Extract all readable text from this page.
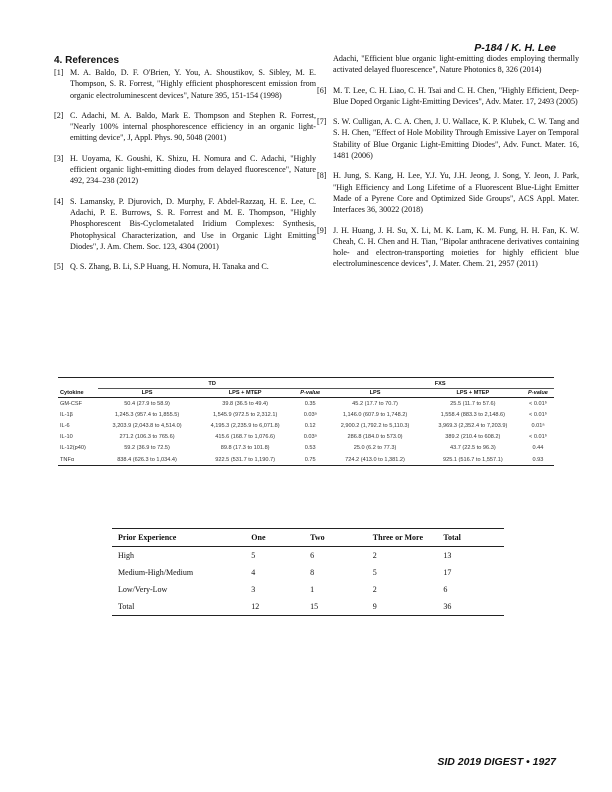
P-184 / K. H. Lee
4. References
[1] M. A. Baldo, D. F. O'Brien, Y. You, A. Shoustikov, S. Sibley, M. E. Thompson, S. R. Forrest, "Highly efficient phosphorescent emission from organic electroluminescent devices", Nature 395, 151-154 (1998)
[2] C. Adachi, M. A. Baldo, Mark E. Thompson and Stephen R. Forrest, "Nearly 100% internal phosphorescence efficiency in an organic light-emitting device", J, Appl. Phys. 90, 5048 (2001)
[3] H. Uoyama, K. Goushi, K. Shizu, H. Nomura and C. Adachi, "Highly efficient organic light-emitting diodes from delayed fluorescence", Nature 492, 234–238 (2012)
[4] S. Lamansky, P. Djurovich, D. Murphy, F. Abdel-Razzaq, H. E. Lee, C. Adachi, P. E. Burrows, S. R. Forrest and M. E. Thompson, "Highly Phosphorescent Bis-Cyclometalated Iridium Complexes: Synthesis, Photophysical Characterization, and Use in Organic Light Emitting Diodes", J. Am. Chem. Soc. 123, 4304 (2001)
[5] Q. S. Zhang, B. Li, S.P Huang, H. Nomura, H. Tanaka and C.
Adachi, "Efficient blue organic light-emitting diodes employing thermally activated delayed fluorescence", Nature Photonics 8, 326 (2014)
[6] M. T. Lee, C. H. Liao, C. H. Tsai and C. H. Chen, "Highly Efficient, Deep-Blue Doped Organic Light-Emitting Devices", Adv. Mater. 17, 2493 (2005)
[7] S. W. Culligan, A. C. A. Chen, J. U. Wallace, K. P. Klubek, C. W. Tang and S. H. Chen, "Effect of Hole Mobility Through Emissive Layer on Temporal Stability of Blue Organic Light-Emitting Diodes", Adv. Funct. Mater. 16, 1481 (2006)
[8] H. Jung, S. Kang, H. Lee, Y.J. Yu, J.H. Jeong, J. Song, Y. Jeon, J. Park, "High Efficiency and Long Lifetime of a Fluorescent Blue-Light Emitter Made of a Pyrene Core and Optimized Side Groups", ACS Appl. Mater. Interfaces 36, 30022 (2018)
[9] J. H. Huang, J. H. Su, X. Li, M. K. Lam, K. M. Fung, H. H. Fan, K. W. Cheah, C. H. Chen and H. Tian, "Bipolar anthracene derivatives containing hole- and electron-transporting moieties for highly efficient blue electroluminescence devices", J. Mater. Chem. 21, 2957 (2011)
	TD			FXS		
Cytokine	LPS	LPS + MTEP	P-value	LPS	LPS + MTEP	P-value
GM-CSF	50.4 (27.9 to 58.9)	39.8 (36.5 to 49.4)	0.35	45.2 (17.7 to 70.7)	25.5 (11.7 to 57.6)	< 0.01ᵇ
IL-1β	1,245.3 (957.4 to 1,855.5)	1,545.9 (972.5 to 2,312.1)	0.03ᵃ	1,146.0 (607.9 to 1,748.2)	1,558.4 (883.3 to 2,148.6)	< 0.01ᵇ
IL-6	3,203.9 (2,043.8 to 4,514.0)	4,195.3 (2,235.9 to 6,071.8)	0.12	2,900.2 (1,792.2 to 5,110.3)	3,969.3 (2,352.4 to 7,203.9)	0.01ᵃ
IL-10	271.2 (106.3 to 765.6)	415.6 (168.7 to 1,076.6)	0.03ᵃ	286.8 (184.0 to 573.0)	389.2 (210.4 to 608.2)	< 0.01ᵇ
IL-12(p40)	59.2 (36.9 to 72.5)	89.8 (17.3 to 101.8)	0.53	25.0 (6.2 to 77.3)	43.7 (22.5 to 96.3)	0.44
TNFα	838.4 (626.3 to 1,034.4)	922.5 (531.7 to 1,190.7)	0.75	724.2 (413.0 to 1,381.2)	925.1 (516.7 to 1,557.1)	0.93
Prior Experience	One	Two	Three or More	Total
High	5	6	2	13
Medium-High/Medium	4	8	5	17
Low/Very-Low	3	1	2	6
Total	12	15	9	36
SID 2019 DIGEST • 1927
